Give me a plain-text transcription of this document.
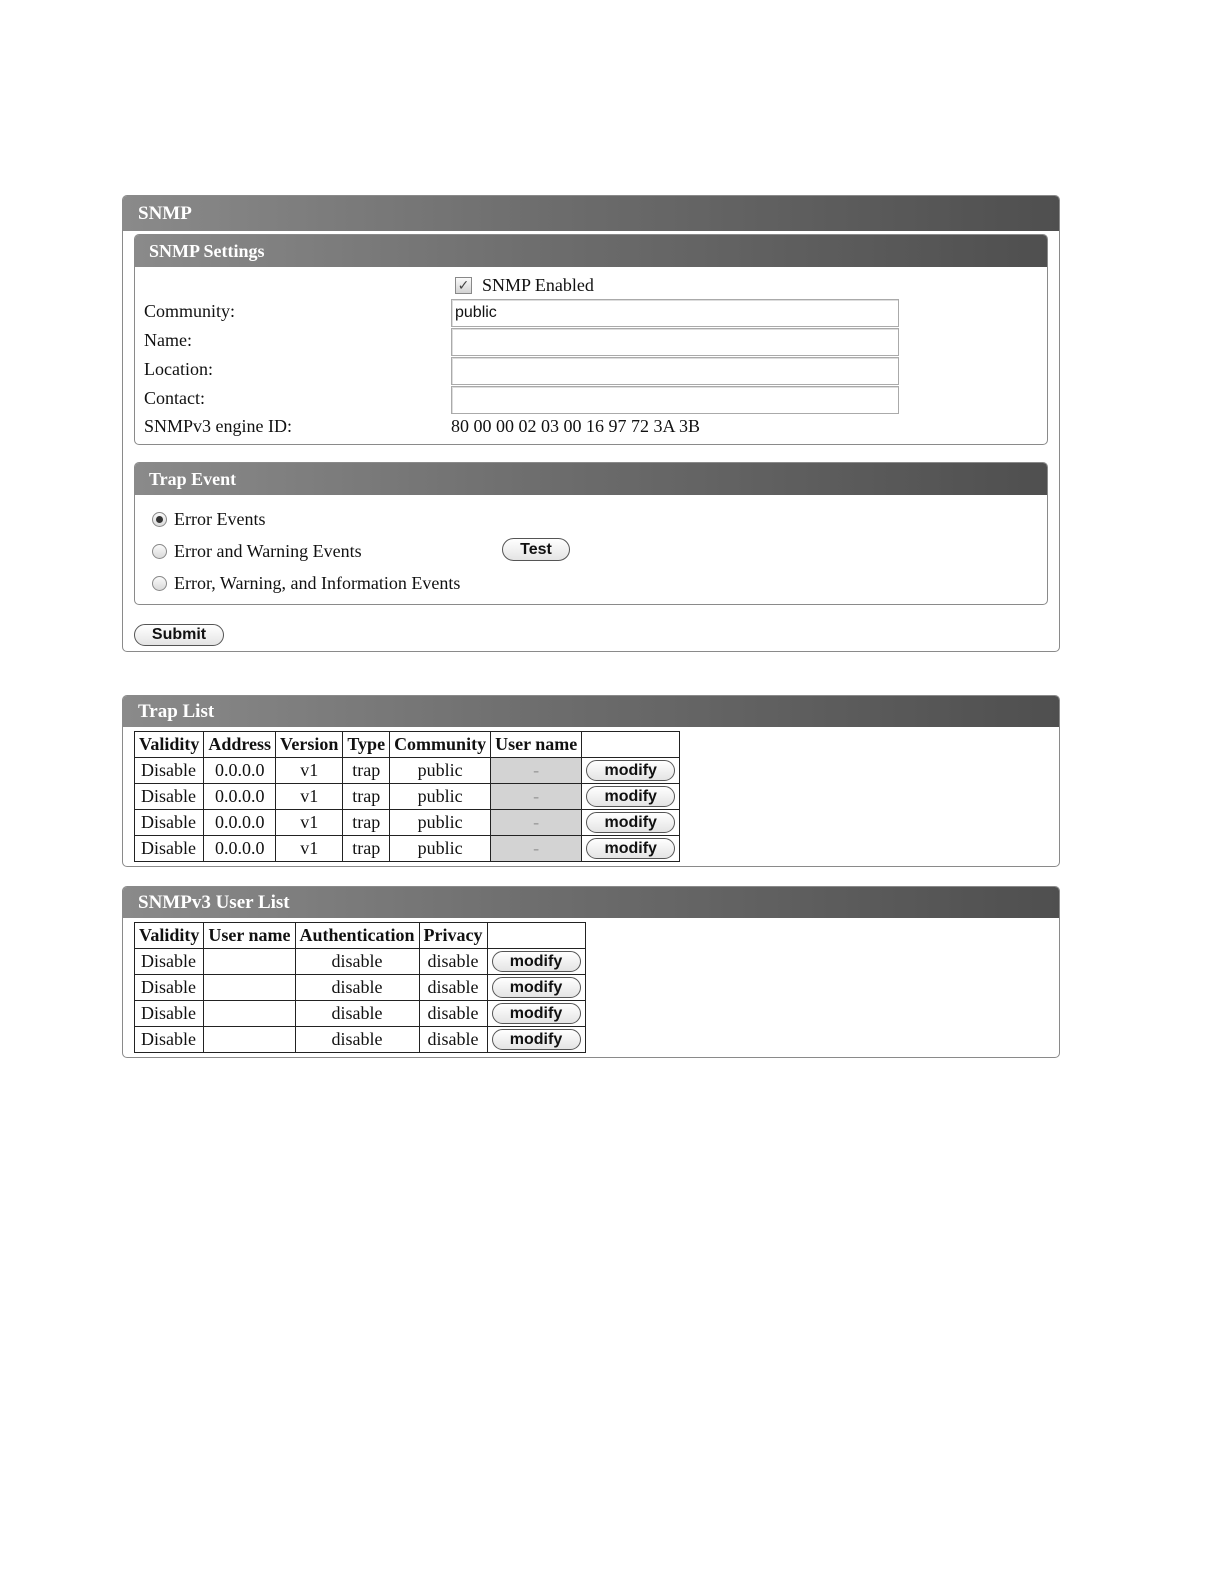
SNMP
SNMP Settings
✓ SNMP Enabled
Community:
public
Name:
Location:
Contact:
SNMPv3 engine ID:	80 00 00 02 03 00 16 97 72 3A 3B
Trap Event
Error Events
Error and Warning Events
Error, Warning, and Information Events
Test
Submit
Trap List
Validity	Address	Version	Type	Community	User name	
Disable	0.0.0.0	v1	trap	public	-	modify

Disable	0.0.0.0	v1	trap	public	-	modify

Disable	0.0.0.0	v1	trap	public	-	modify

Disable	0.0.0.0	v1	trap	public	-	modify
SNMPv3 User List
Validity	User name	Authentication	Privacy	
Disable		disable	disable	modify

Disable		disable	disable	modify

Disable		disable	disable	modify

Disable		disable	disable	modify
